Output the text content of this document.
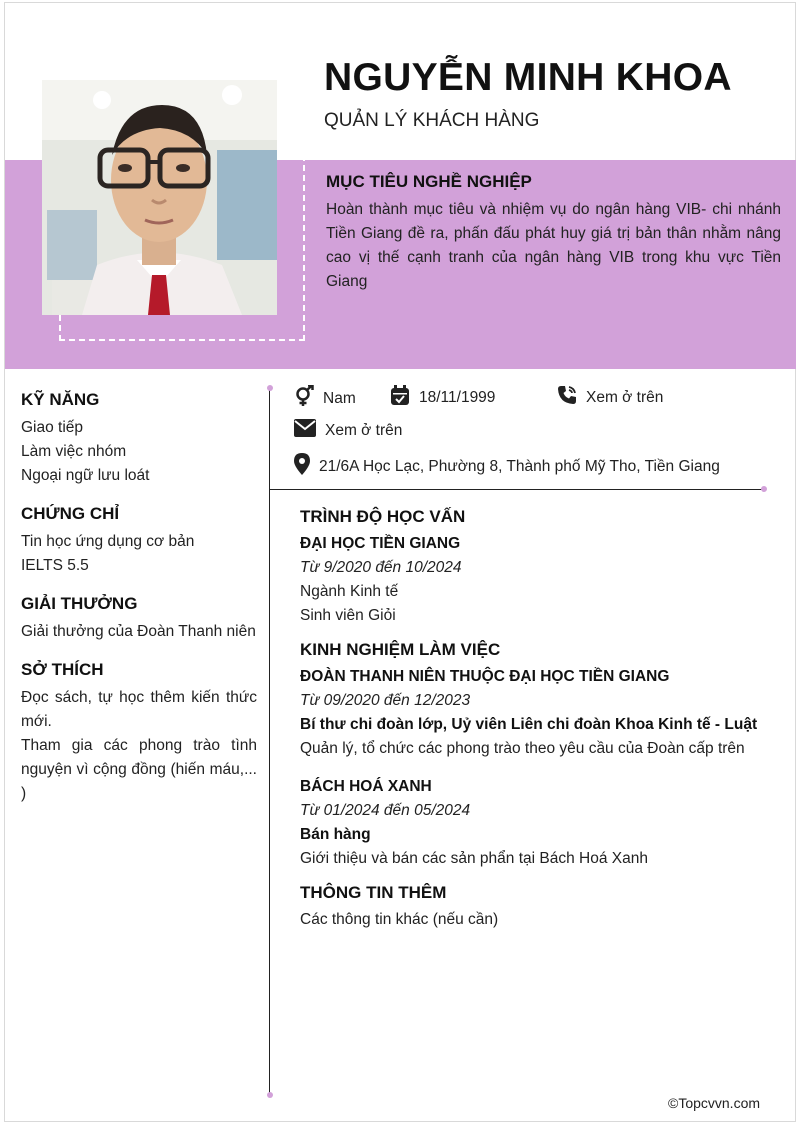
NGUYỄN MINH KHOA
QUẢN LÝ KHÁCH HÀNG
MỤC TIÊU NGHỀ NGHIỆP
Hoàn thành mục tiêu và nhiệm vụ do ngân hàng VIB- chi nhánh Tiền Giang đề ra, phấn đấu phát huy giá trị bản thân nhằm nâng cao vị thế cạnh tranh của ngân hàng VIB trong khu vực Tiền Giang
KỸ NĂNG
Giao tiếp
Làm việc nhóm
Ngoại ngữ lưu loát
CHỨNG CHỈ
Tin học ứng dụng cơ bản
IELTS 5.5
GIẢI THƯỞNG
Giải thưởng của Đoàn Thanh niên
SỞ THÍCH
Đọc sách, tự học thêm kiến thức mới.
Tham gia các phong trào tình nguyện vì cộng đồng (hiến máu,... )
Nam	18/11/1999	Xem ở trên
Xem ở trên
21/6A Học Lạc, Phường 8, Thành phố Mỹ Tho, Tiền Giang
TRÌNH ĐỘ HỌC VẤN
ĐẠI HỌC TIỀN GIANG
Từ 9/2020 đến 10/2024
Ngành Kinh tế
Sinh viên Giỏi
KINH NGHIỆM LÀM VIỆC
ĐOÀN THANH NIÊN THUỘC ĐẠI HỌC TIỀN GIANG
Từ 09/2020 đến 12/2023
Bí thư chi đoàn lớp, Uỷ viên Liên chi đoàn Khoa Kinh tế - Luật
Quản lý, tổ chức các phong trào theo yêu cầu của Đoàn cấp trên
BÁCH HOÁ XANH
Từ 01/2024 đến 05/2024
Bán hàng
Giới thiệu và bán các sản phẩn tại Bách Hoá Xanh
THÔNG TIN THÊM
Các thông tin khác (nếu cần)
©Topcvvn.com
